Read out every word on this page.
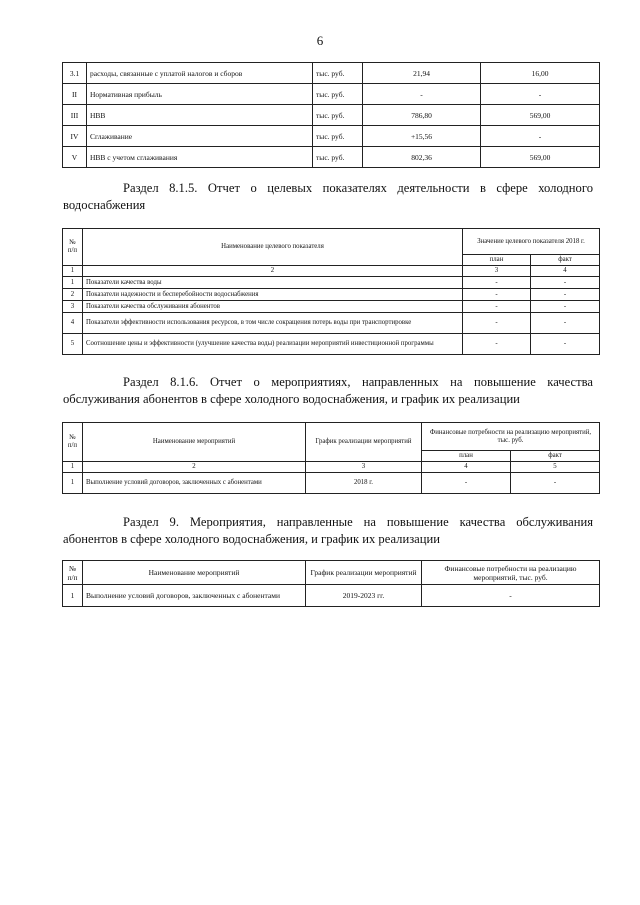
6
3.1	расходы, связанные с уплатой налогов и сборов	тыс. руб.	21,94	16,00
II	Нормативная прибыль	тыс. руб.	-	-
III	НВВ	тыс. руб.	786,80	569,00
IV	Сглаживание	тыс. руб.	+15,56	-
V	НВВ с учетом сглаживания	тыс. руб.	802,36	569,00
Раздел 8.1.5. Отчет о целевых показателях деятельности в сфере холодного водоснабжения
№ п/п	Наименование целевого показателя	Значение целевого показателя 2018 г.	
		план	факт
1	2	3	4
1	Показатели качества воды	-	-
2	Показатели надежности и бесперебойности водоснабжения	-	-
3	Показатели качества обслуживания абонентов	-	-
4	Показатели эффективности использования ресурсов, в том числе сокращения потерь воды при транспортировке	-	-
5	Соотношение цены и эффективности (улучшение качества воды) реализации мероприятий инвестиционной программы	-	-
Раздел 8.1.6. Отчет о мероприятиях, направленных на повышение качества обслуживания абонентов в сфере холодного водоснабжения, и график их реализации
№ п/п	Наименование мероприятий	График реализации мероприятий	Финансовые потребности на реализацию мероприятий, тыс. руб.	
			план	факт
1	2	3	4	5
1	Выполнение условий договоров, заключенных с абонентами	2018 г.	-	-
Раздел 9. Мероприятия, направленные на повышение качества обслуживания абонентов в сфере холодного водоснабжения, и график их реализации
№ п/п	Наименование мероприятий	График реализации мероприятий	Финансовые потребности на реализацию мероприятий, тыс. руб.
1	Выполнение условий договоров, заключенных с абонентами	2019-2023 гг.	-
